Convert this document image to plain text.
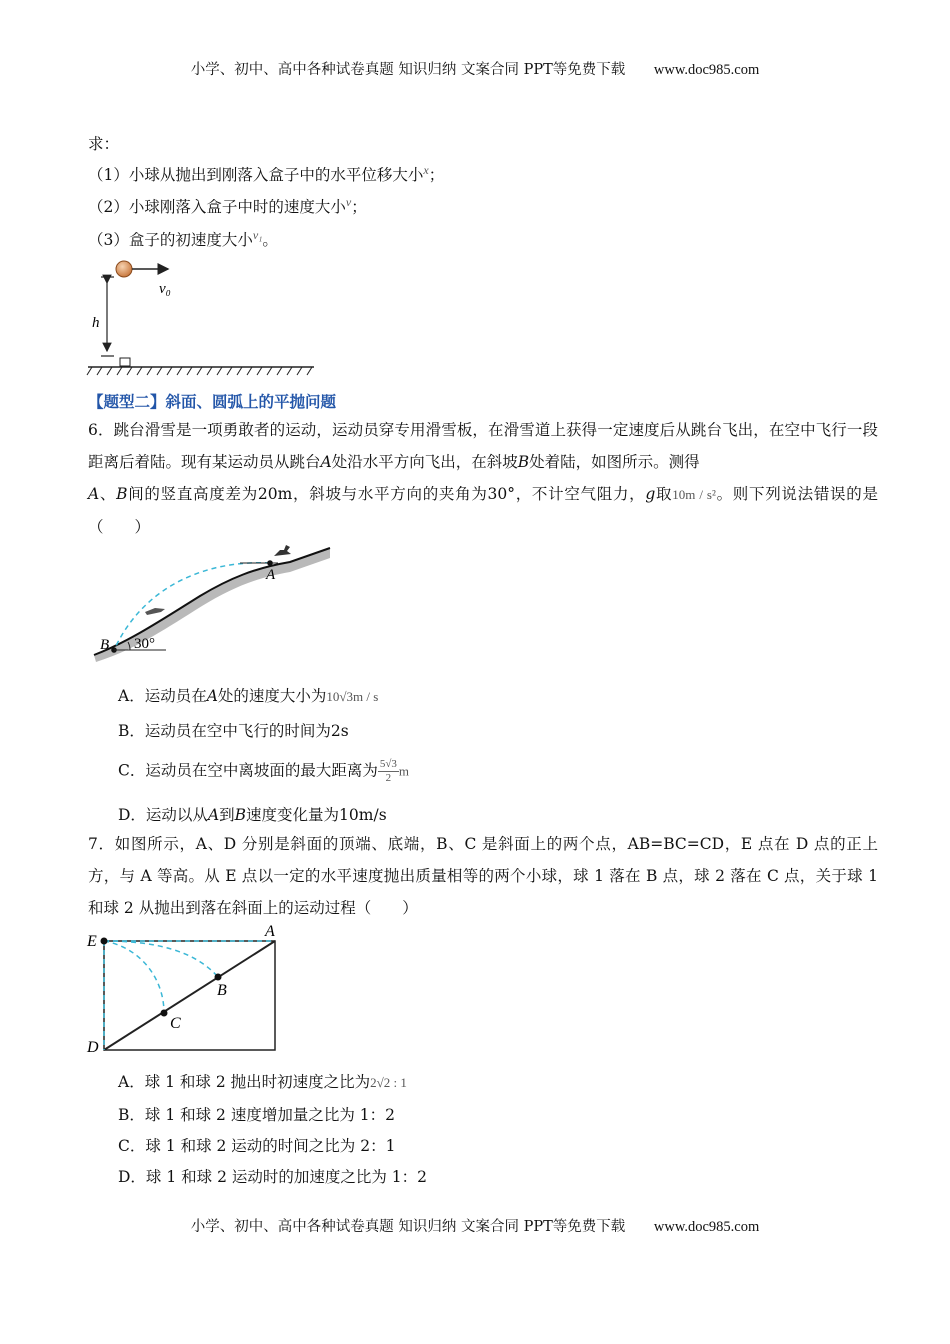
小学、初中、高中各种试卷真题 知识归纳 文案合同 PPT等免费下载 www.doc985.com
求：
（1）小球从抛出到刚落入盒子中的水平位移大小$^x$；
（2）小球刚落入盒子中时的速度大小$^v$；
（3）盒子的初速度大小$^{v_1}$。
v₀
h
【题型二】斜面、圆弧上的平抛问题
6．跳台滑雪是一项勇敢者的运动，运动员穿专用滑雪板，在滑雪道上获得一定速度后从跳台飞出，在空中飞行一段距离后着陆。现有某运动员从跳台A处沿水平方向飞出，在斜坡B处着陆，如图所示。测得
A、B间的竖直高度差为20m，斜坡与水平方向的夹角为30°，不计空气阻力，g取10m / s²。则下列说法错误的是（　　）
A
B 30°
A．运动员在A处的速度大小为10√3m / s
B．运动员在空中飞行的时间为2s
C．运动员在空中离坡面的最大距离为 $\frac{5√3}{2}m$
D．运动以从A到B速度变化量为10m/s
7．如图所示，A、D 分别是斜面的顶端、底端，B、C 是斜面上的两个点，AB=BC=CD，E 点在 D 点的正上方，与 A 等高。从 E 点以一定的水平速度抛出质量相等的两个小球，球 1 落在 B 点，球 2 落在 C 点，关于球 1 和球 2 从抛出到落在斜面上的运动过程（　　）
E
A
B
C
D
A．球 1 和球 2 抛出时初速度之比为2√2 : 1
B．球 1 和球 2 速度增加量之比为 1：2
C．球 1 和球 2 运动的时间之比为 2：1
D．球 1 和球 2 运动时的加速度之比为 1：2
小学、初中、高中各种试卷真题 知识归纳 文案合同 PPT等免费下载 www.doc985.com
